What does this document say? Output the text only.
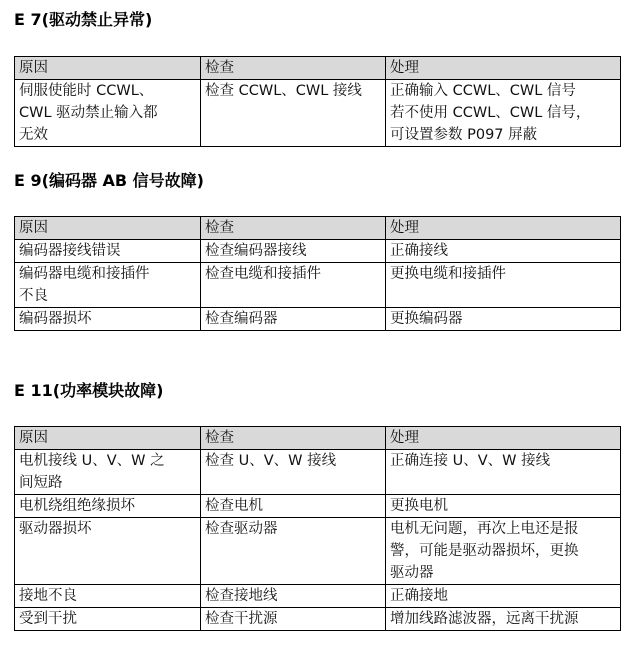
E 7(驱动禁止异常)
原因	检查	处理

伺服使能时 CCWL、
CWL 驱动禁止输入都
无效	检查 CCWL、CWL 接线	正确输入 CCWL、CWL 信号
若不使用 CCWL、CWL 信号，
可设置参数 P097 屏蔽
E 9(编码器 AB 信号故障)
原因	检查	处理

编码器接线错误	检查编码器接线	正确接线

编码器电缆和接插件
不良	检查电缆和接插件	更换电缆和接插件

编码器损坏	检查编码器	更换编码器
E 11(功率模块故障)
原因	检查	处理

电机接线 U、V、W 之
间短路	检查 U、V、W 接线	正确连接 U、V、W 接线

电机绕组绝缘损坏	检查电机	更换电机

驱动器损坏	检查驱动器	电机无问题，再次上电还是报
警，可能是驱动器损坏，更换
驱动器

接地不良	检查接地线	正确接地

受到干扰	检查干扰源	增加线路滤波器，远离干扰源
